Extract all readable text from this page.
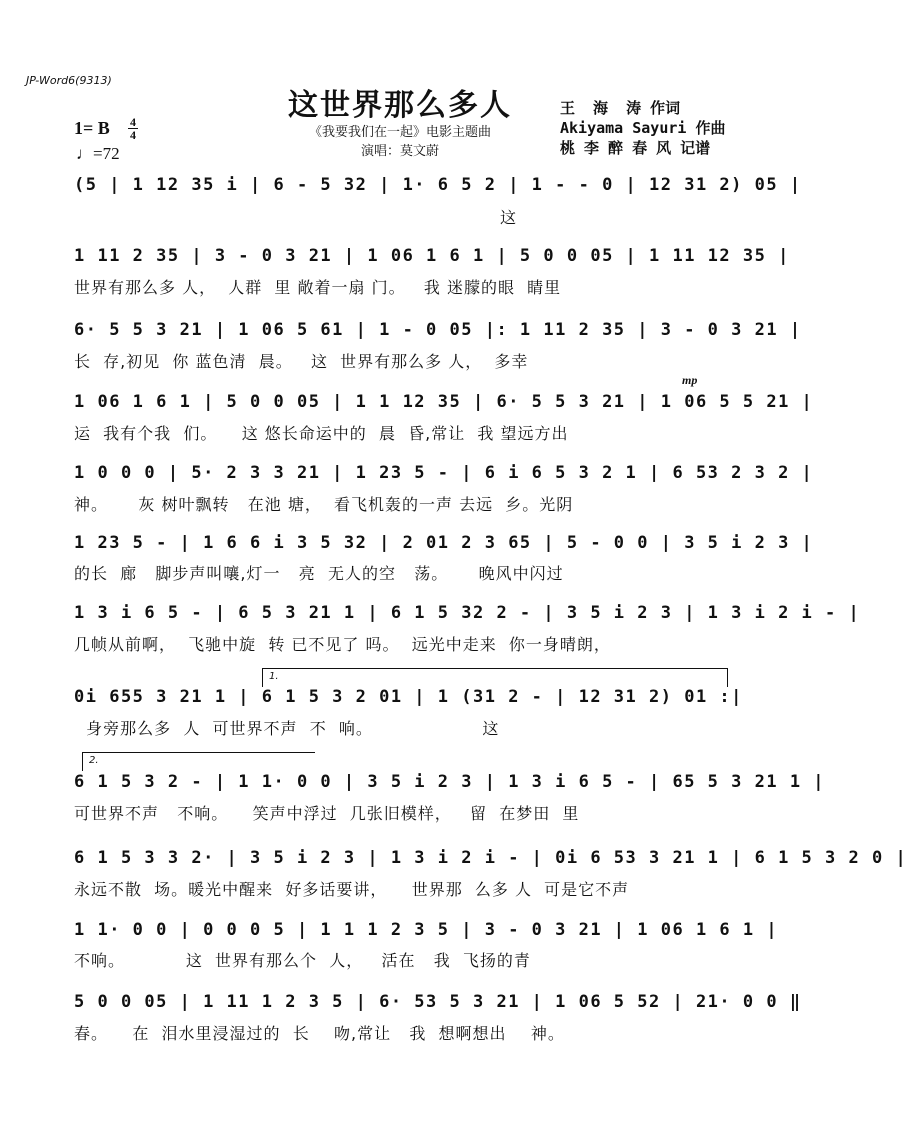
JP-Word6(9313)
这世界那么多人
《我要我们在一起》电影主题曲
演唱：莫文蔚
王  海  涛 作词
Akiyama Sayuri 作曲
桃 李 醉 春 风 记谱
1= B 4
4
♩=72
mp
1.
2.
(5 | 1 12 35 i | 6 - 5 32 | 1· 6 5 2 | 1 - - 0 | 12 31 2) 05 |
这
1 11 2 35 | 3 - 0 3 21 | 1 06 1 6 1 | 5 0 0 05 | 1 11 12 35 |
世界有那么多 人，  人群  里 敞着一扇 门。   我 迷朦的眼  睛里
6· 5 5 3 21 | 1 06 5 61 | 1 - 0 05 |: 1 11 2 35 | 3 - 0 3 21 |
长  存,初见  你 蓝色清  晨。   这  世界有那么多 人，  多幸
1 06 1 6 1 | 5 0 0 05 | 1 1 12 35 | 6· 5 5 3 21 | 1 06 5 5 21 |
运  我有个我  们。    这 悠长命运中的  晨  昏,常让  我 望远方出
1 0 0 0 | 5· 2 3 3 21 | 1 23 5 - | 6 i 6 5 3 2 1 | 6 53 2 3 2 |
神。     灰 树叶飘转   在池 塘，  看飞机轰的一声 去远  乡。光阴
1 23 5 - | 1 6 6 i 3 5 32 | 2 01 2 3 65 | 5 - 0 0 | 3 5 i 2 3 |
的长  廊   脚步声叫嚷,灯一   亮  无人的空   荡。     晚风中闪过
1 3 i 6 5 - | 6 5 3 21 1 | 6 1 5 32 2 - | 3 5 i 2 3 | 1 3 i 2 i - |
几帧从前啊，  飞驰中旋  转 已不见了 吗。  远光中走来  你一身晴朗，
0i 655 3 21 1 | 6 1 5 3 2 01 | 1 (31 2 - | 12 31 2) 01 :|
身旁那么多  人  可世界不声  不  响。                  这
6 1 5 3 2 - | 1 1· 0 0 | 3 5 i 2 3 | 1 3 i 6 5 - | 65 5 3 21 1 |
可世界不声   不响。    笑声中浮过  几张旧模样，   留  在梦田  里
6 1 5 3 3 2· | 3 5 i 2 3 | 1 3 i 2 i - | 0i 6 53 3 21 1 | 6 1 5 3 2 0 |
永远不散  场。暖光中醒来  好多话要讲，    世界那  么多 人  可是它不声
1 1· 0 0 | 0 0 0 5 | 1 1 1 2 3 5 | 3 - 0 3 21 | 1 06 1 6 1 |
不响。          这  世界有那么个  人，   活在   我  飞扬的青
5 0 0 05 | 1 11 1 2 3 5 | 6· 53 5 3 21 | 1 06 5 52 | 21· 0 0 ‖
春。    在  泪水里浸湿过的  长    吻,常让   我  想啊想出    神。
